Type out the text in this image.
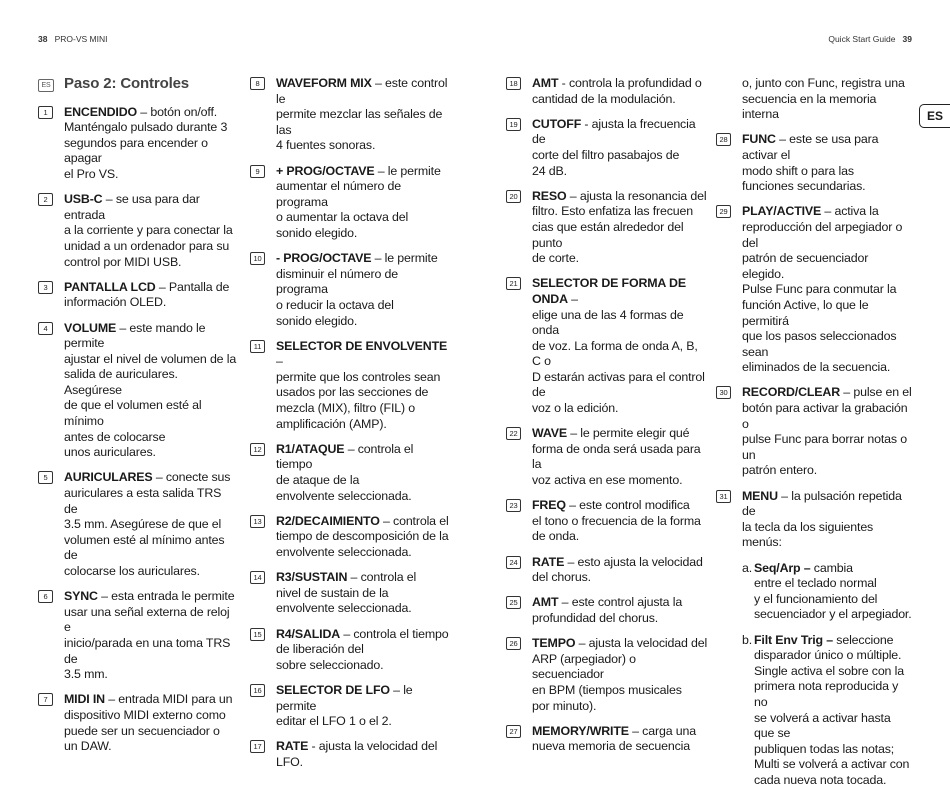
38 PRO-VS MINI	Quick Start Guide 39
ES Paso 2: Controles
1	ENCENDIDO – botón on/off.
Manténgalo pulsado durante 3
segundos para encender o apagar
el Pro VS.
2	USB-C – se usa para dar entrada
a la corriente y para conectar la
unidad a un ordenador para su
control por MIDI USB.
3	PANTALLA LCD – Pantalla de
información OLED.
4	VOLUME – este mando le permite
ajustar el nivel de volumen de la
salida de auriculares. Asegúrese
de que el volumen esté al mínimo
antes de colocarse
unos auriculares.
5	AURICULARES – conecte sus
auriculares a esta salida TRS de
3.5 mm. Asegúrese de que el
volumen esté al mínimo antes de
colocarse los auriculares.
6	SYNC – esta entrada le permite
usar una señal externa de reloj e
inicio/parada en una toma TRS de
3.5 mm.
7	MIDI IN – entrada MIDI para un
dispositivo MIDI externo como
puede ser un secuenciador o
un DAW.
8	WAVEFORM MIX – este control le
permite mezclar las señales de las
4 fuentes sonoras.
9	+ PROG/OCTAVE – le permite
aumentar el número de programa
o aumentar la octava del
sonido elegido.
10 - PROG/OCTAVE – le permite
disminuir el número de programa
o reducir la octava del
sonido elegido.
11	SELECTOR DE ENVOLVENTE –
permite que los controles sean
usados por las secciones de
mezcla (MIX), filtro (FIL) o
amplificación (AMP).
12 R1/ATAQUE – controla el tiempo
de ataque de la
envolvente seleccionada.
13 R2/DECAIMIENTO – controla el
tiempo de descomposición de la
envolvente seleccionada.
14 R3/SUSTAIN – controla el
nivel de sustain de la
envolvente seleccionada.
15 R4/SALIDA – controla el tiempo
de liberación del
sobre seleccionado.
16 SELECTOR DE LFO – le permite
editar el LFO 1 o el 2.
17 RATE - ajusta la velocidad del LFO.
18 AMT - controla la profundidad o
cantidad de la modulación.
19 CUTOFF - ajusta la frecuencia de
corte del filtro pasabajos de
24 dB.
20 RESO – ajusta la resonancia del
filtro. Esto enfatiza las frecuen
cias que están alrededor del punto
de corte.
21 SELECTOR DE FORMA DE ONDA –
elige una de las 4 formas de onda
de voz. La forma de onda A, B, C o
D estarán activas para el control de
voz o la edición.
22 WAVE – le permite elegir qué
forma de onda será usada para la
voz activa en ese momento.
23 FREQ – este control modifica
el tono o frecuencia de la forma
de onda.
24 RATE – esto ajusta la velocidad
del chorus.
25 AMT – este control ajusta la
profundidad del chorus.
26 TEMPO – ajusta la velocidad del
ARP (arpegiador) o secuenciador
en BPM (tiempos musicales
por minuto).
27 MEMORY/WRITE – carga una
nueva memoria de secuencia
o, junto con Func, registra una
secuencia en la memoria interna
28 FUNC – este se usa para activar el
modo shift o para las
funciones secundarias.
29 PLAY/ACTIVE – activa la
reproducción del arpegiador o del
patrón de secuenciador elegido.
Pulse Func para conmutar la
función Active, lo que le permitirá
que los pasos seleccionados sean
eliminados de la secuencia.
30 RECORD/CLEAR – pulse en el
botón para activar la grabación o
pulse Func para borrar notas o un
patrón entero.
31 MENU – la pulsación repetida de
la tecla da los siguientes menús:
a. Seq/Arp – cambia
entre el teclado normal
y el funcionamiento del
secuenciador y el arpegiador.
b. Filt Env Trig – seleccione
disparador único o múltiple.
Single activa el sobre con la
primera nota reproducida y no
se volverá a activar hasta que se
publiquen todas las notas;
Multi se volverá a activar con
cada nueva nota tocada.
ES
